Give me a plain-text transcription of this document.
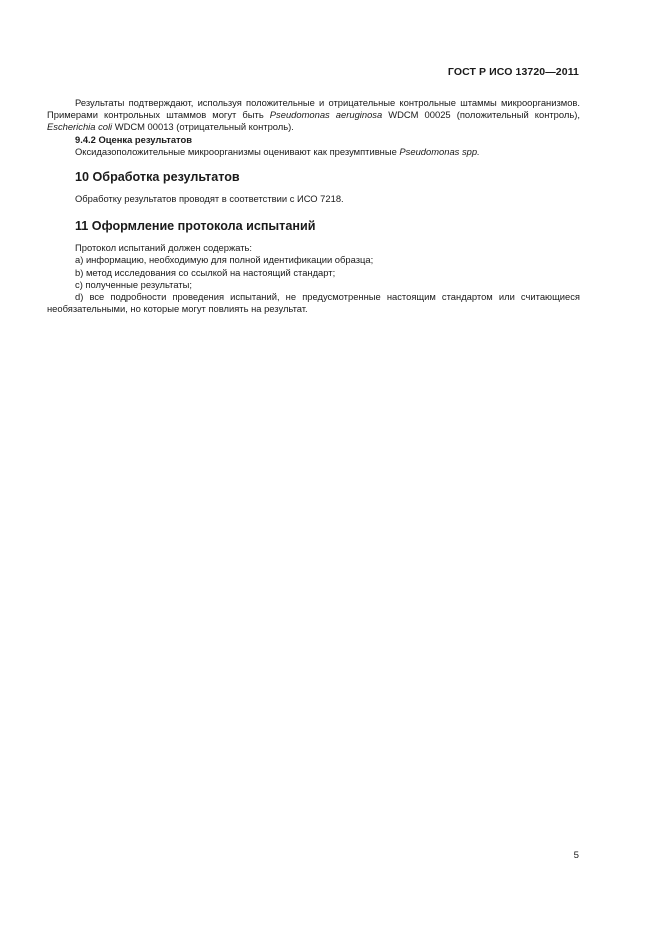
ГОСТ Р ИСО 13720—2011

Результаты подтверждают, используя положительные и отрицательные контрольные штаммы микроорганизмов. Примерами контрольных штаммов могут быть Pseudomonas aeruginosa WDCM 00025 (положительный контроль), Escherichia coli WDCM 00013 (отрицательный контроль).

9.4.2 Оценка результатов

Оксидазоположительные микроорганизмы оценивают как презумптивные Pseudomonas spp.

10 Обработка результатов

Обработку результатов проводят в соответствии с ИСО 7218.

11 Оформление протокола испытаний

Протокол испытаний должен содержать:

a) информацию, необходимую для полной идентификации образца;

b) метод исследования со ссылкой на настоящий стандарт;

c) полученные результаты;

d) все подробности проведения испытаний, не предусмотренные настоящим стандартом или считающиеся необязательными, но которые могут повлиять на результат.

5
